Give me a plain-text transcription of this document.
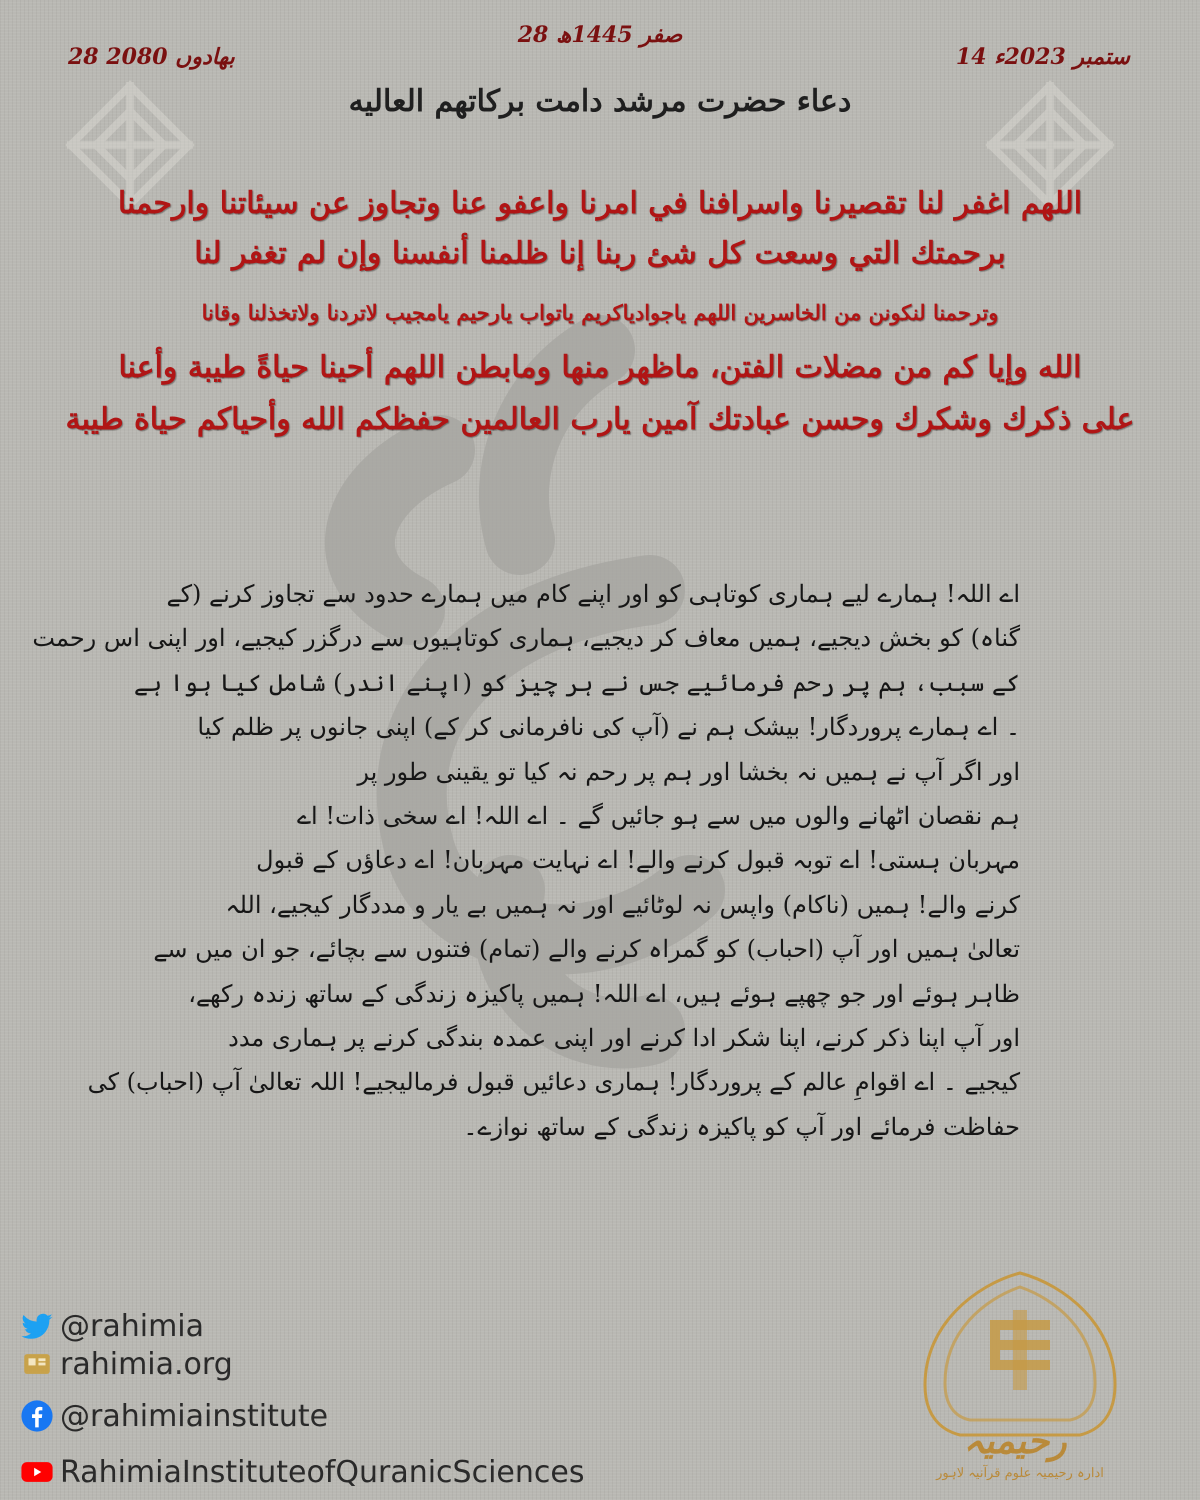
28 صفر 1445ھ
28 بھادوں 2080	14 ستمبر 2023ء
دعاء حضرت مرشد دامت برکاتهم العالیه
اللهم اغفر لنا تقصيرنا واسرافنا في امرنا واعفو عنا وتجاوز عن سيئاتنا وارحمنا
برحمتك التي وسعت كل شئ ربنا إنا ظلمنا أنفسنا وإن لم تغفر لنا
وترحمنا لنكونن من الخاسرين اللهم ياجوادياكريم ياتواب يارحيم يامجيب لاتردنا ولاتخذلنا وقانا
الله وإيا كم من مضلات الفتن، ماظهر منها ومابطن اللهم أحينا حياةً طيبة وأعنا
على ذكرك وشكرك وحسن عبادتك آمين يارب العالمين حفظكم الله وأحياكم حياة طيبة
اے اللہ! ہمارے لیے ہماری کوتاہی کو اور اپنے کام میں ہمارے حدود سے تجاوز کرنے (کے
گناہ) کو بخش دیجیے، ہمیں معاف کر دیجیے، ہماری کوتاہیوں سے درگزر کیجیے، اور اپنی اس رحمت
کے سبب، ہم پر رحم فرمائیے جس نے ہر چیز کو (اپنے اندر) شامل کیا ہوا ہے
۔ اے ہمارے پروردگار! بیشک ہم نے (آپ کی نافرمانی کر کے) اپنی جانوں پر ظلم کیا
اور اگر آپ نے ہمیں نہ بخشا اور ہم پر رحم نہ کیا تو یقینی طور پر
ہم نقصان اٹھانے والوں میں سے ہو جائیں گے ۔ اے اللہ! اے سخی ذات! اے
مہربان ہستی! اے توبہ قبول کرنے والے! اے نہایت مہربان! اے دعاؤں کے قبول
کرنے والے! ہمیں (ناکام) واپس نہ لوٹائیے اور نہ ہمیں بے یار و مددگار کیجیے، اللہ
تعالیٰ ہمیں اور آپ (احباب) کو گمراہ کرنے والے (تمام) فتنوں سے بچائے، جو ان میں سے
ظاہر ہوئے اور جو چھپے ہوئے ہیں، اے اللہ! ہمیں پاکیزہ زندگی کے ساتھ زندہ رکھے،
اور آپ اپنا ذکر کرنے، اپنا شکر ادا کرنے اور اپنی عمدہ بندگی کرنے پر ہماری مدد
کیجیے ۔ اے اقوامِ عالم کے پروردگار! ہماری دعائیں قبول فرمالیجیے! اللہ تعالیٰ آپ (احباب) کی
حفاظت فرمائے اور آپ کو پاکیزہ زندگی کے ساتھ نوازے۔
@rahimia
rahimia.org
@rahimiainstitute
RahimiaInstituteofQuranicSciences
رحیمیہ
ادارہ رحیمیہ علوم قرآنیہ لاہور
